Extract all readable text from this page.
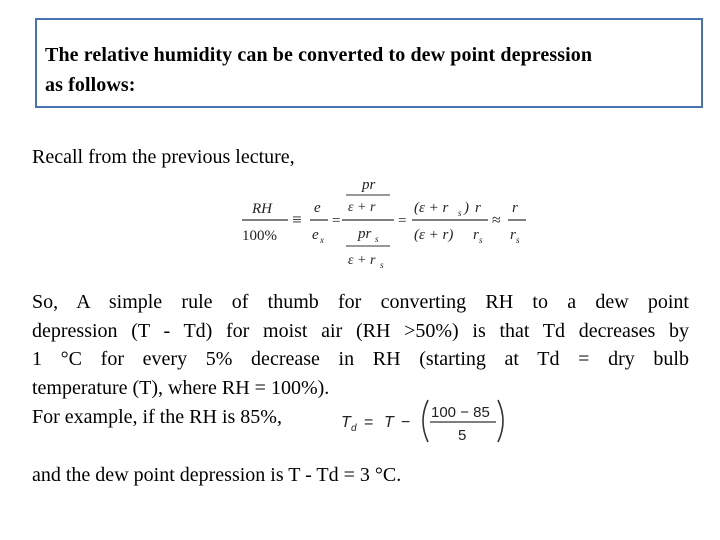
The relative humidity can be converted to dew point depression
as follows:
Recall from the previous lecture,
RH
100%
≡
e
e x
=
pr
ε + r
pr s
ε + r s
=
(ε + r s ) r
(ε + r) r s
≈
r
r s
So, A simple rule of thumb for converting RH to a dew point
depression (T - Td) for moist air (RH >50%) is that Td decreases by
1 °C for every 5% decrease in RH (starting at Td = dry bulb
temperature (T), where RH = 100%).
For example, if the RH is 85%,	T d = T −
100 − 85
5
and the dew point depression is T - Td = 3 °C.
